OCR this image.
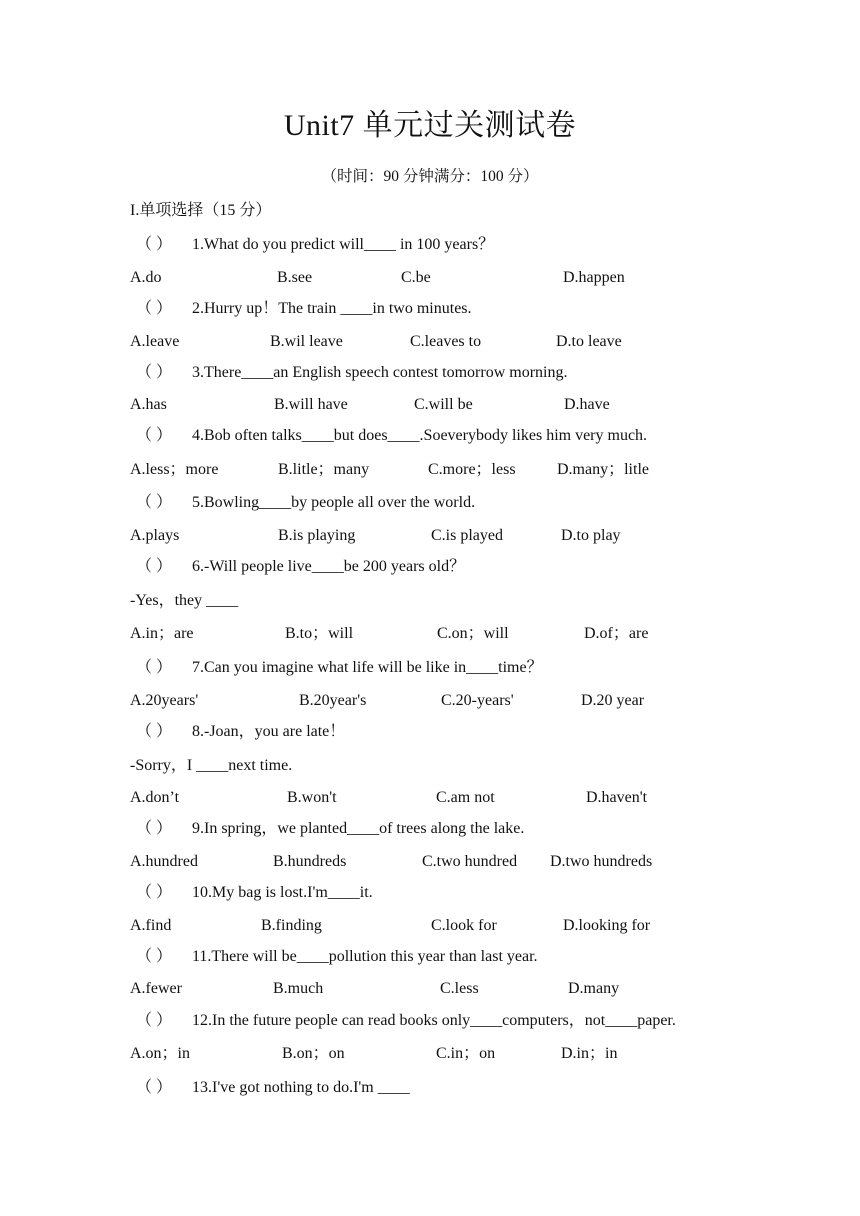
Unit7 单元过关测试卷
（时间：90 分钟满分：100 分）
I.单项选择（15 分）
（ ） 1.What do you predict will____ in 100 years？
A.do	B.see	C.be	D.happen
（ ） 2.Hurry up！The train ____in two minutes.
A.leave	B.wil leave	C.leaves to	D.to leave
（ ） 3.There____an English speech contest tomorrow morning.
A.has	B.will have	C.will be	D.have
（ ） 4.Bob often talks____but does____.Soeverybody likes him very much.
A.less；more	B.litle；many	C.more；less	D.many；litle
（ ） 5.Bowling____by people all over the world.
A.plays	B.is playing	C.is played	D.to play
（ ） 6.-Will people live____be 200 years old？
-Yes，they ____
A.in；are	B.to；will	C.on；will	D.of；are
（ ） 7.Can you imagine what life will be like in____time？
A.20years'	B.20year's	C.20-years'	D.20 year
（ ） 8.-Joan，you are late！
-Sorry，I ____next time.
A.don’t	B.won't	C.am not	D.haven't
（ ） 9.In spring，we planted____of trees along the lake.
A.hundred	B.hundreds	C.two hundred D.two hundreds
（ ） 10.My bag is lost.I'm____it.
A.find	B.finding	C.look for	D.looking for
（ ） 11.There will be____pollution this year than last year.
A.fewer	B.much	C.less	D.many
（ ） 12.In the future people can read books only____computers，not____paper.
A.on；in	B.on；on	C.in；on	D.in；in
（ ） 13.I've got nothing to do.I'm ____
